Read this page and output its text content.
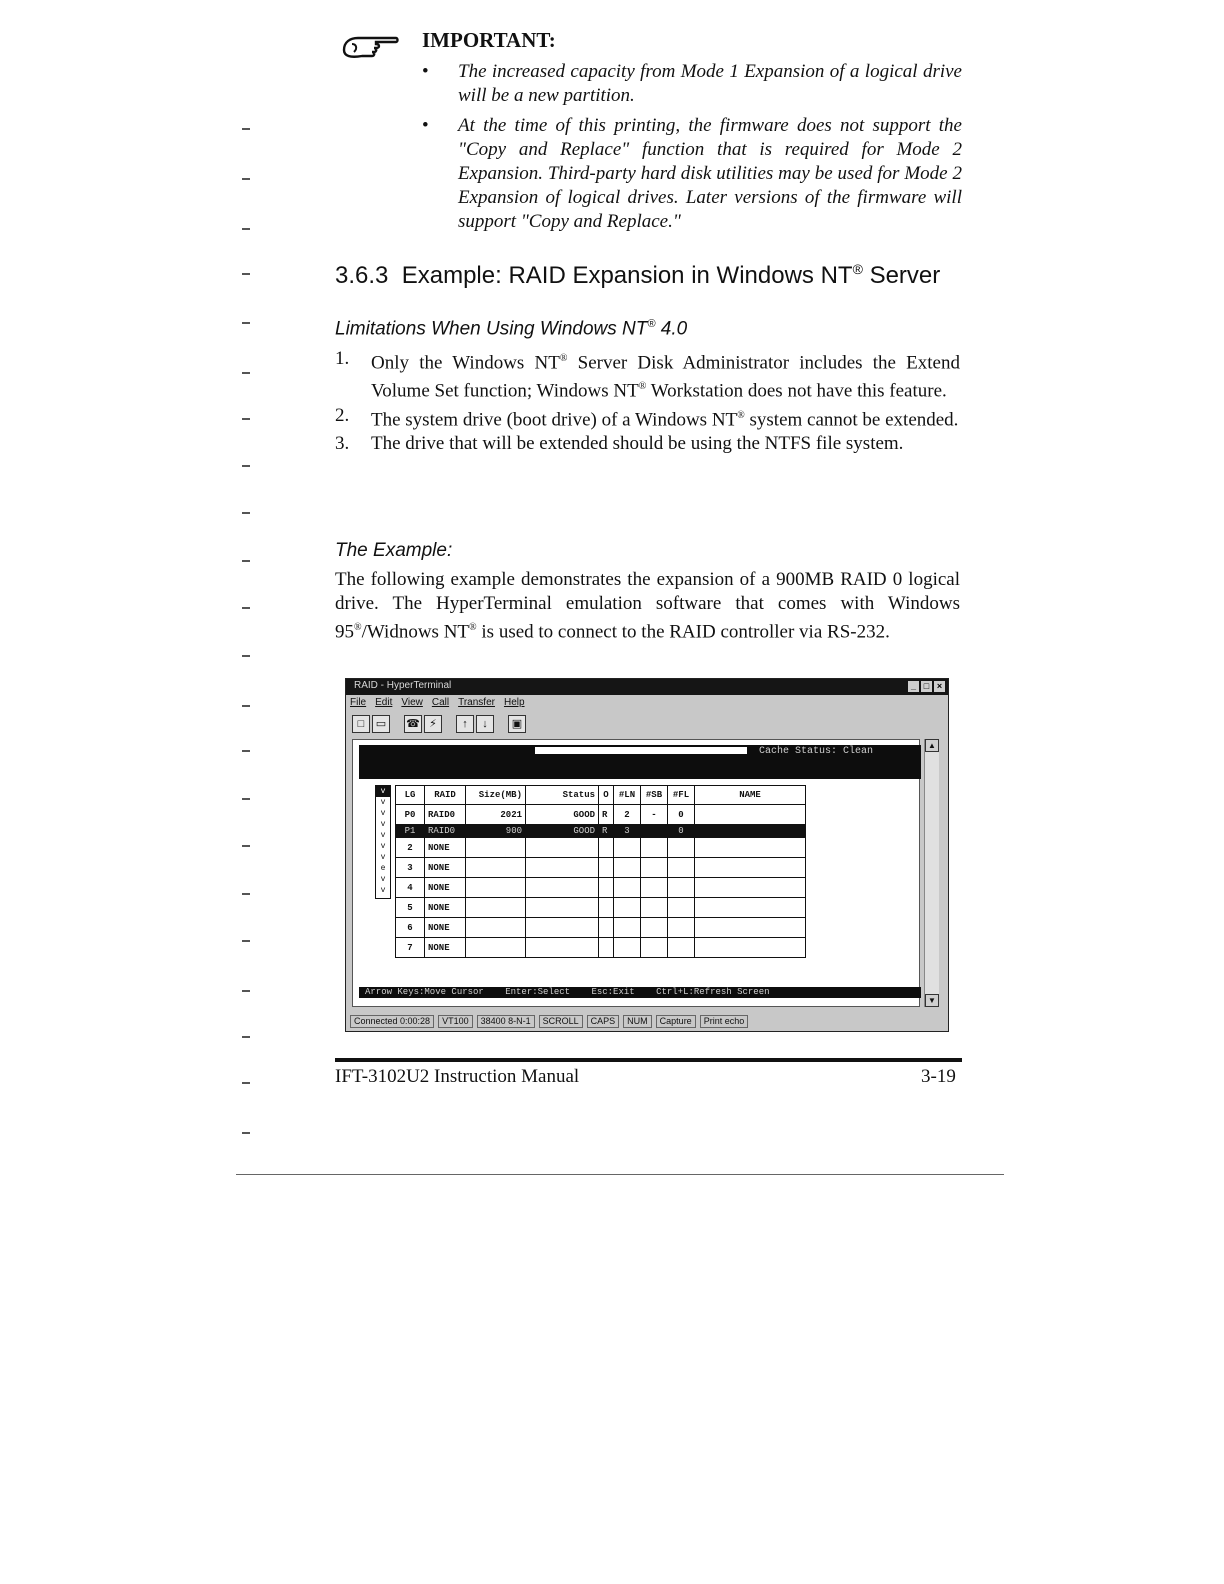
IMPORTANT:
• The increased capacity from Mode 1 Expansion of a logical drive will be a new partition.
• At the time of this printing, the firmware does not support the "Copy and Replace" function that is required for Mode 2 Expansion. Third-party hard disk utilities may be used for Mode 2 Expansion of logical drives. Later versions of the firmware will support "Copy and Replace."
3.6.3 Example: RAID Expansion in Windows NT® Server
Limitations When Using Windows NT® 4.0
1. Only the Windows NT® Server Disk Administrator includes the Extend Volume Set function; Windows NT® Workstation does not have this feature.
2. The system drive (boot drive) of a Windows NT® system cannot be extended.
3. The drive that will be extended should be using the NTFS file system.
The Example:
The following example demonstrates the expansion of a 900MB RAID 0 logical drive. The HyperTerminal emulation software that comes with Windows 95®/Widnows NT® is used to connect to the RAID controller via RS-232.
RAID - HyperTerminal	_ □ ×
File Edit View Call Transfer Help
□	▭	☎ ⚡	↑	↓	▣
Cache Status: Clean
v
v
v
v
v
v
v
e
v
v
LG	RAID	Size(MB)	Status	O	#LN	#SB	#FL	NAME
P0	RAID0	2021	GOOD	R	2	-	0	
P1	RAID0	900	GOOD	R	3		0	
2	NONE							
3	NONE							
4	NONE							
5	NONE							
6	NONE							
7	NONE							
Arrow Keys:Move Cursor Enter:Select Esc:Exit Ctrl+L:Refresh Screen
▲
▼
Connected 0:00:28	VT100	38400 8-N-1	SCROLL	CAPS	NUM	Capture	Print echo
IFT-3102U2 Instruction Manual	3-19
